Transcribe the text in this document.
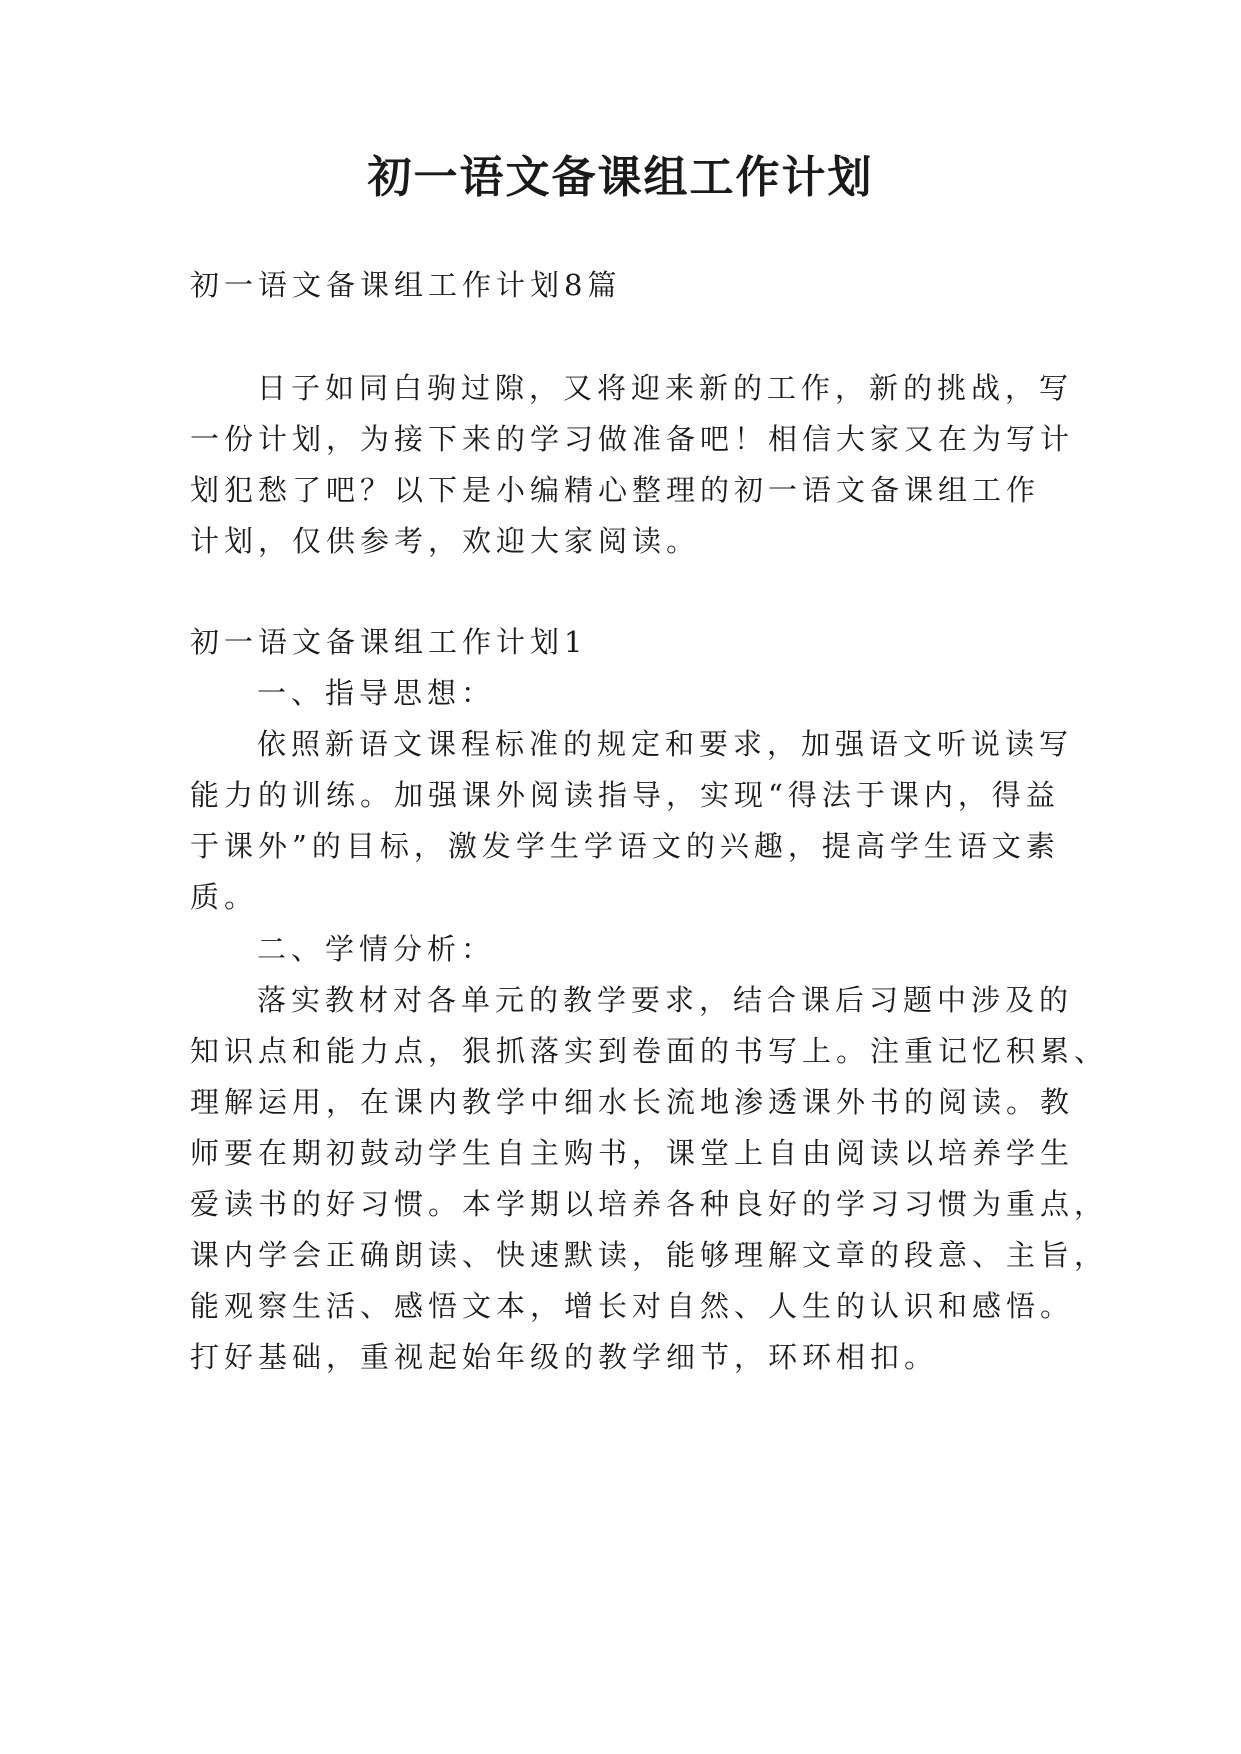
初一语文备课组工作计划

初一语文备课组工作计划8篇

日子如同白驹过隙，又将迎来新的工作，新的挑战，写

一份计划，为接下来的学习做准备吧！相信大家又在为写计

划犯愁了吧？以下是小编精心整理的初一语文备课组工作

计划，仅供参考，欢迎大家阅读。

初一语文备课组工作计划1

一、指导思想：

依照新语文课程标准的规定和要求，加强语文听说读写

能力的训练。加强课外阅读指导，实现“得法于课内，得益

于课外”的目标，激发学生学语文的兴趣，提高学生语文素

质。

二、学情分析：

落实教材对各单元的教学要求，结合课后习题中涉及的

知识点和能力点，狠抓落实到卷面的书写上。注重记忆积累、

理解运用，在课内教学中细水长流地渗透课外书的阅读。教

师要在期初鼓动学生自主购书，课堂上自由阅读以培养学生

爱读书的好习惯。本学期以培养各种良好的学习习惯为重点，

课内学会正确朗读、快速默读，能够理解文章的段意、主旨，

能观察生活、感悟文本，增长对自然、人生的认识和感悟。

打好基础，重视起始年级的教学细节，环环相扣。
